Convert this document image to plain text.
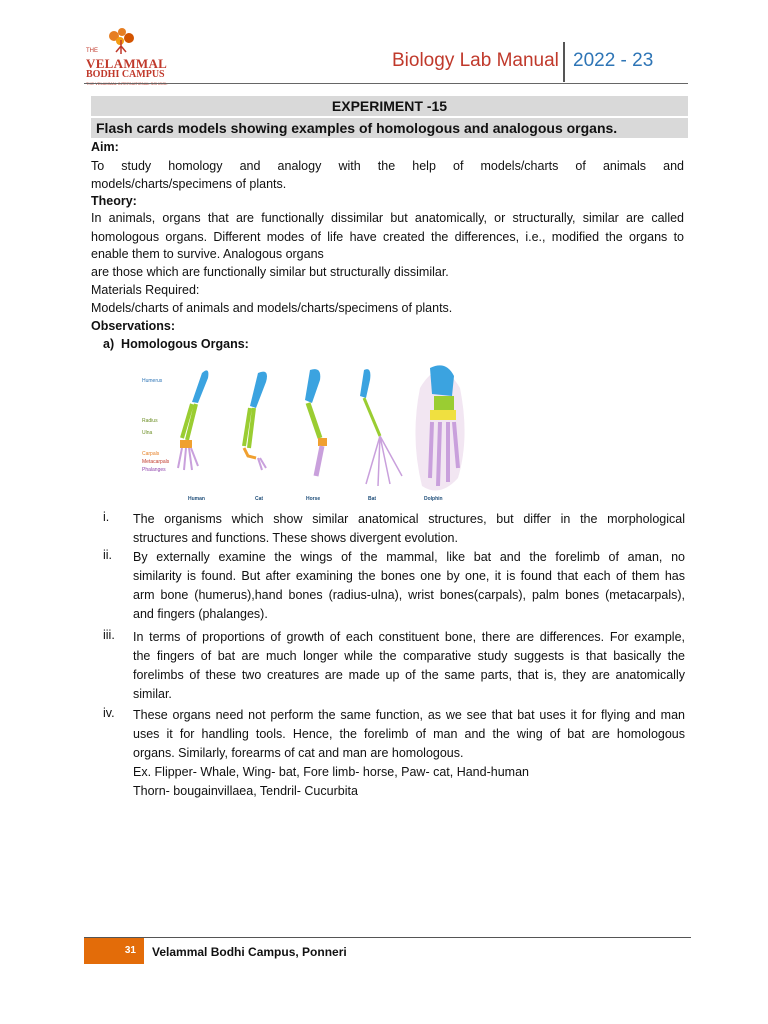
THE
VELAMMAL
BODHI CAMPUS
Biology Lab Manual 2022 - 23
EXPERIMENT -15
Flash cards models showing examples of homologous and analogous organs.
Aim:
To study homology and analogy with the help of models/charts of animals and
models/charts/specimens of plants.
Theory:
In animals, organs that are functionally dissimilar but anatomically, or structurally, similar are called
homologous organs. Different modes of life have created the differences, i.e., modified the organs to
enable them to survive. Analogous organs
are those which are functionally similar but structurally dissimilar.
Materials Required:
Models/charts of animals and models/charts/specimens of plants.
Observations:
a)  Homologous Organs:
Humerus
Radius
Ulna
Carpals
Metacarpals
Phalanges
Human	Cat	Horse	Bat	Dolphin
i.	The organisms which show similar anatomical structures, but differ in the morphological
structures and functions. These shows divergent evolution.
ii.	By externally examine the wings of the mammal, like bat and the forelimb of aman, no
similarity is found. But after examining the bones one by one, it is found that each of them has
arm bone (humerus),hand bones (radius-ulna), wrist bones(carpals), palm bones (metacarpals),
and fingers (phalanges).
iii.	In terms of proportions of growth of each constituent bone, there are differences. For example,
the fingers of bat are much longer while the comparative study suggests is that basically the
forelimbs of these two creatures are made up of the same parts, that is, they are anatomically
similar.
iv.	These organs need not perform the same function, as we see that bat uses it for flying and man
uses it for handling tools. Hence, the forelimb of man and the wing of bat are homologous
organs. Similarly, forearms of cat and man are homologous.
Ex. Flipper- Whale, Wing- bat, Fore limb- horse, Paw- cat, Hand-human
Thorn- bougainvillaea, Tendril- Cucurbita
31 Velammal Bodhi Campus, Ponneri
